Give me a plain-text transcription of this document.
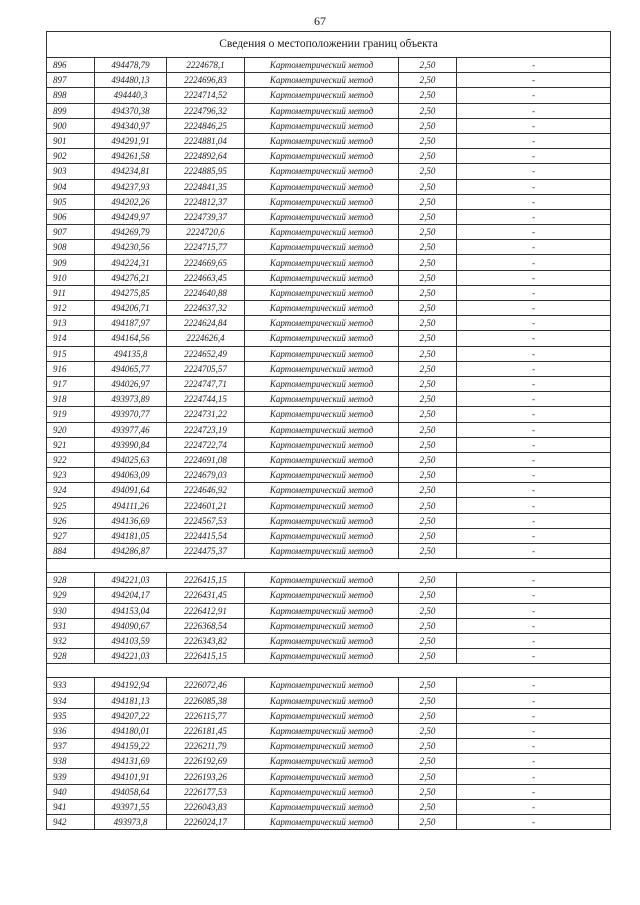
67
Сведения о местоположении границ объекта					
896	494478,79	2224678,1	Картометрический метод	2,50	-
897	494480,13	2224696,83	Картометрический метод	2,50	-
898	494440,3	2224714,52	Картометрический метод	2,50	-
899	494370,38	2224796,32	Картометрический метод	2,50	-
900	494340,97	2224846,25	Картометрический метод	2,50	-
901	494291,91	2224881,04	Картометрический метод	2,50	-
902	494261,58	2224892,64	Картометрический метод	2,50	-
903	494234,81	2224885,95	Картометрический метод	2,50	-
904	494237,93	2224841,35	Картометрический метод	2,50	-
905	494202,26	2224812,37	Картометрический метод	2,50	-
906	494249,97	2224739,37	Картометрический метод	2,50	-
907	494269,79	2224720,6	Картометрический метод	2,50	-
908	494230,56	2224715,77	Картометрический метод	2,50	-
909	494224,31	2224669,65	Картометрический метод	2,50	-
910	494276,21	2224663,45	Картометрический метод	2,50	-
911	494275,85	2224640,88	Картометрический метод	2,50	-
912	494206,71	2224637,32	Картометрический метод	2,50	-
913	494187,97	2224624,84	Картометрический метод	2,50	-
914	494164,56	2224626,4	Картометрический метод	2,50	-
915	494135,8	2224652,49	Картометрический метод	2,50	-
916	494065,77	2224705,57	Картометрический метод	2,50	-
917	494026,97	2224747,71	Картометрический метод	2,50	-
918	493973,89	2224744,15	Картометрический метод	2,50	-
919	493970,77	2224731,22	Картометрический метод	2,50	-
920	493977,46	2224723,19	Картометрический метод	2,50	-
921	493990,84	2224722,74	Картометрический метод	2,50	-
922	494025,63	2224691,08	Картометрический метод	2,50	-
923	494063,09	2224679,03	Картометрический метод	2,50	-
924	494091,64	2224646,92	Картометрический метод	2,50	-
925	494111,26	2224601,21	Картометрический метод	2,50	-
926	494136,69	2224567,53	Картометрический метод	2,50	-
927	494181,05	2224415,54	Картометрический метод	2,50	-
884	494286,87	2224475,37	Картометрический метод	2,50	-

928	494221,03	2226415,15	Картометрический метод	2,50	-
929	494204,17	2226431,45	Картометрический метод	2,50	-
930	494153,04	2226412,91	Картометрический метод	2,50	-
931	494090,67	2226368,54	Картометрический метод	2,50	-
932	494103,59	2226343,82	Картометрический метод	2,50	-
928	494221,03	2226415,15	Картометрический метод	2,50	-

933	494192,94	2226072,46	Картометрический метод	2,50	-
934	494181,13	2226085,38	Картометрический метод	2,50	-
935	494207,22	2226115,77	Картометрический метод	2,50	-
936	494180,01	2226181,45	Картометрический метод	2,50	-
937	494159,22	2226211,79	Картометрический метод	2,50	-
938	494131,69	2226192,69	Картометрический метод	2,50	-
939	494101,91	2226193,26	Картометрический метод	2,50	-
940	494058,64	2226177,53	Картометрический метод	2,50	-
941	493971,55	2226043,83	Картометрический метод	2,50	-
942	493973,8	2226024,17	Картометрический метод	2,50	-
